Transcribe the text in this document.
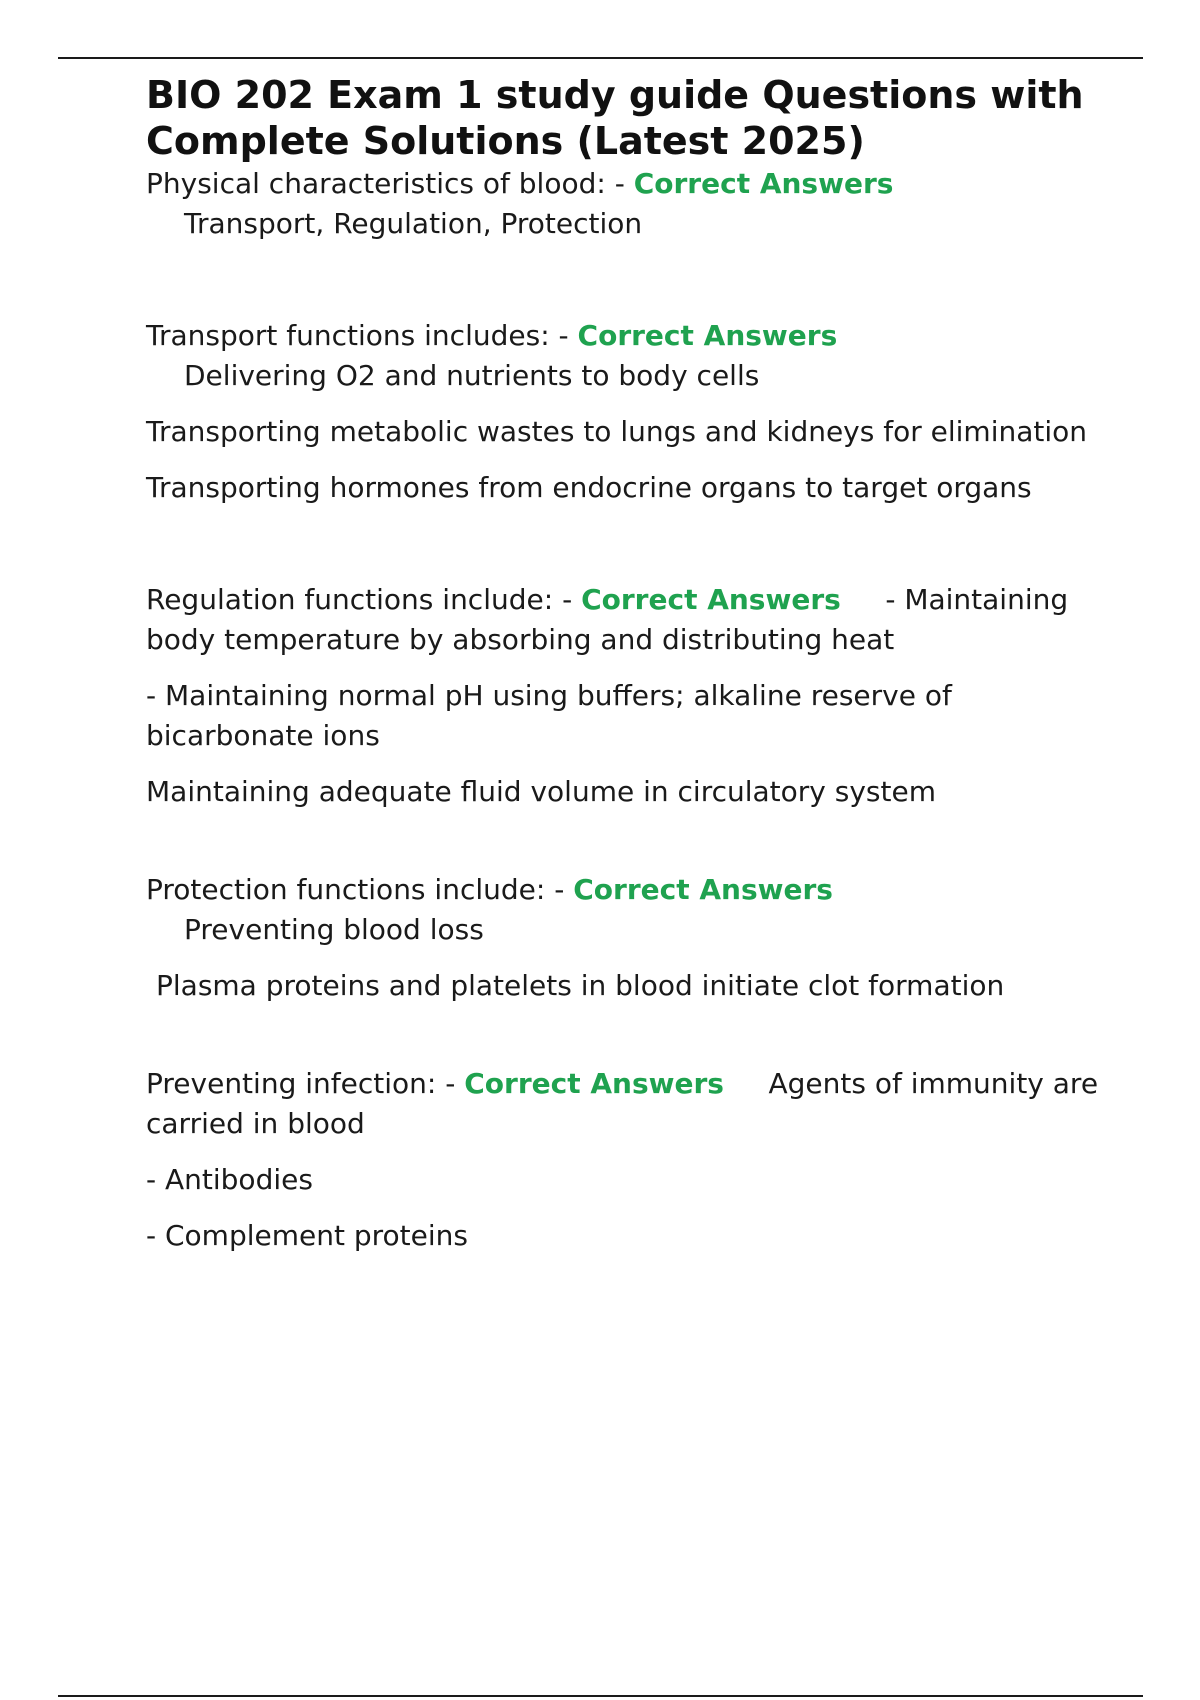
BIO 202 Exam 1 study guide Questions with Complete Solutions (Latest 2025)

Physical characteristics of blood: - Correct Answers

Transport, Regulation, Protection

Transport functions includes: - Correct Answers

Delivering O2 and nutrients to body cells

Transporting metabolic wastes to lungs and kidneys for elimination

Transporting hormones from endocrine organs to target organs

Regulation functions include: - Correct Answers     - Maintaining body temperature by absorbing and distributing heat

- Maintaining normal pH using buffers; alkaline reserve of bicarbonate ions

Maintaining adequate fluid volume in circulatory system

Protection functions include: - Correct Answers

Preventing blood loss

Plasma proteins and platelets in blood initiate clot formation

Preventing infection: - Correct Answers     Agents of immunity are carried in blood

- Antibodies

- Complement proteins
